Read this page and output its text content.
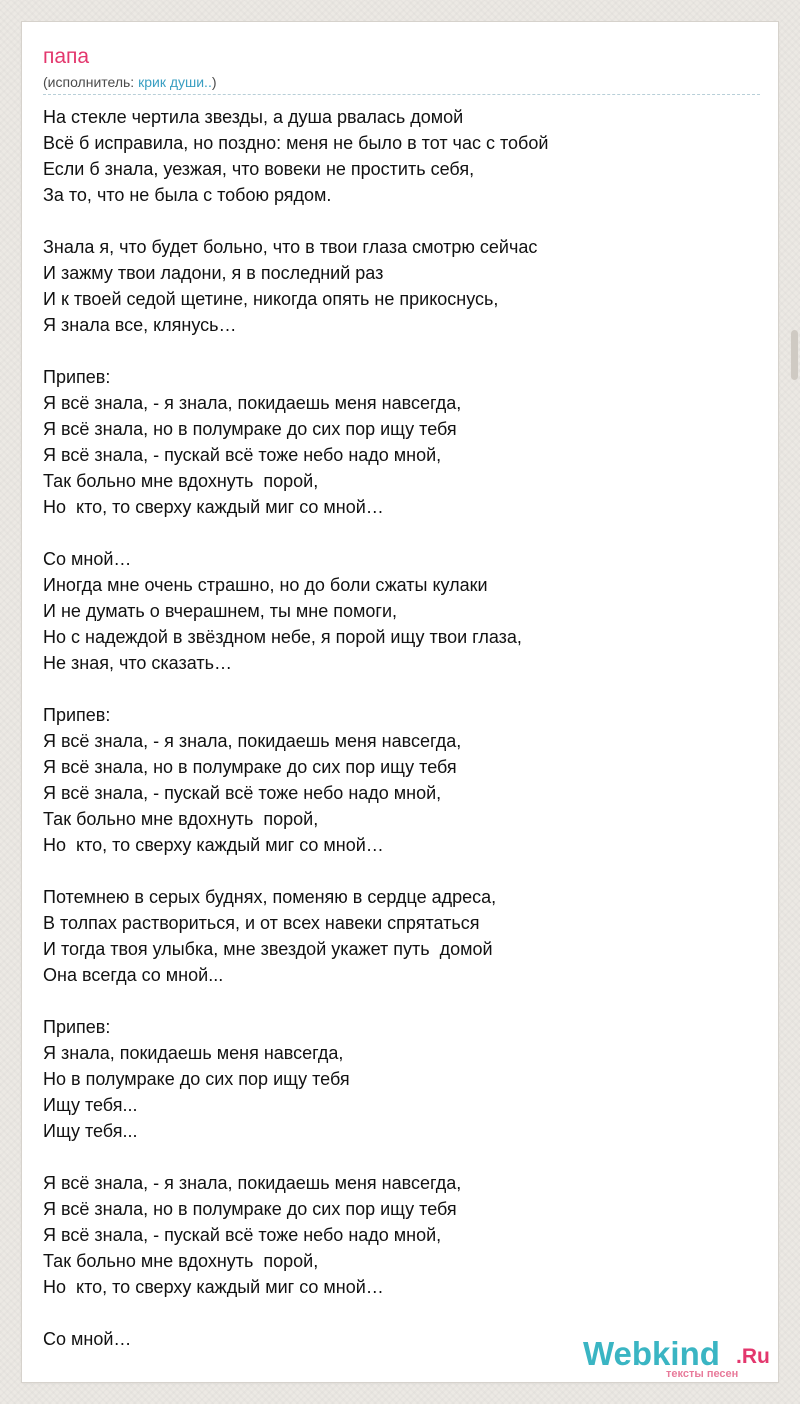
папа
(исполнитель: крик души..)
На стекле чертила звезды, а душа рвалась домой
Всё б исправила, но поздно: меня не было в тот час с тобой
Если б знала, уезжая, что вовеки не простить себя,
За то, что не была с тобою рядом.
Знала я, что будет больно, что в твои глаза смотрю сейчас
И зажму твои ладони, я в последний раз
И к твоей седой щетине, никогда опять не прикоснусь,
Я знала все, клянусь…
Припев:
Я всё знала, - я знала, покидаешь меня навсегда,
Я всё знала, но в полумраке до сих пор ищу тебя
Я всё знала, - пускай всё тоже небо надо мной,
Так больно мне вдохнуть  порой,
Но  кто, то сверху каждый миг со мной…
Со мной…
Иногда мне очень страшно, но до боли сжаты кулаки
И не думать о вчерашнем, ты мне помоги,
Но с надеждой в звёздном небе, я порой ищу твои глаза,
Не зная, что сказать…
Припев:
Я всё знала, - я знала, покидаешь меня навсегда,
Я всё знала, но в полумраке до сих пор ищу тебя
Я всё знала, - пускай всё тоже небо надо мной,
Так больно мне вдохнуть  порой,
Но  кто, то сверху каждый миг со мной…
Потемнею в серых буднях, поменяю в сердце адреса,
В толпах раствориться, и от всех навеки спрятаться
И тогда твоя улыбка, мне звездой укажет путь  домой
Она всегда со мной...
Припев:
Я знала, покидаешь меня навсегда,
Но в полумраке до сих пор ищу тебя
Ищу тебя...
Ищу тебя...
Я всё знала, - я знала, покидаешь меня навсегда,
Я всё знала, но в полумраке до сих пор ищу тебя
Я всё знала, - пускай всё тоже небо надо мной,
Так больно мне вдохнуть  порой,
Но  кто, то сверху каждый миг со мной…
Со мной…	Webkind .Ru
тексты песен
